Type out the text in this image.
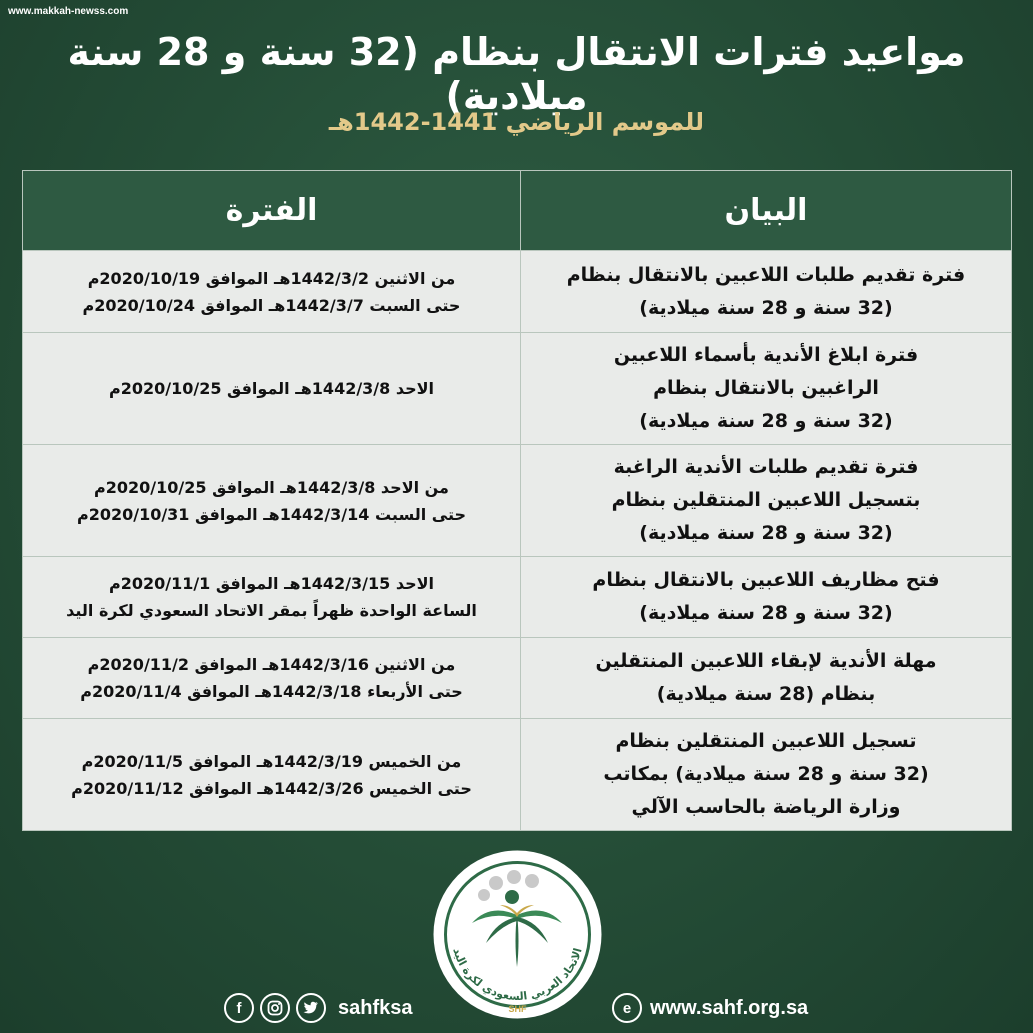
www.makkah-newss.com
مواعيد فترات الانتقال بنظام (32 سنة و 28 سنة ميلادية)
للموسم الرياضي 1441-1442هـ
البيان	الفترة

فترة تقديم طلبات اللاعبين بالانتقال بنظام
(32 سنة و 28 سنة ميلادية)	من الاثنين 1442/3/2هـ الموافق 2020/10/19م
حتى السبت 1442/3/7هـ الموافق 2020/10/24م

فترة ابلاغ الأندية بأسماء اللاعبين
الراغبين بالانتقال بنظام
(32 سنة و 28 سنة ميلادية)	الاحد 1442/3/8هـ الموافق 2020/10/25م

فترة تقديم طلبات الأندية الراغبة
بتسجيل اللاعبين المنتقلين بنظام
(32 سنة و 28 سنة ميلادية)	من الاحد 1442/3/8هـ الموافق 2020/10/25م
حتى السبت 1442/3/14هـ الموافق 2020/10/31م

فتح مظاريف اللاعبين بالانتقال بنظام
(32 سنة و 28 سنة ميلادية)	الاحد 1442/3/15هـ الموافق 2020/11/1م
الساعة الواحدة ظهراً بمقر الاتحاد السعودي لكرة اليد

مهلة الأندية لإبقاء اللاعبين المنتقلين
بنظام (28 سنة ميلادية)	من الاثنين 1442/3/16هـ الموافق 2020/11/2م
حتى الأربعاء 1442/3/18هـ الموافق 2020/11/4م

تسجيل اللاعبين المنتقلين بنظام
(32 سنة و 28 سنة ميلادية) بمكاتب
وزارة الرياضة بالحاسب الآلي	من الخميس 1442/3/19هـ الموافق 2020/11/5م
حتى الخميس 1442/3/26هـ الموافق 2020/11/12م
الاتحاد العربي السعودي لكرة اليد
SHF
f	sahfksa	e www.sahf.org.sa
